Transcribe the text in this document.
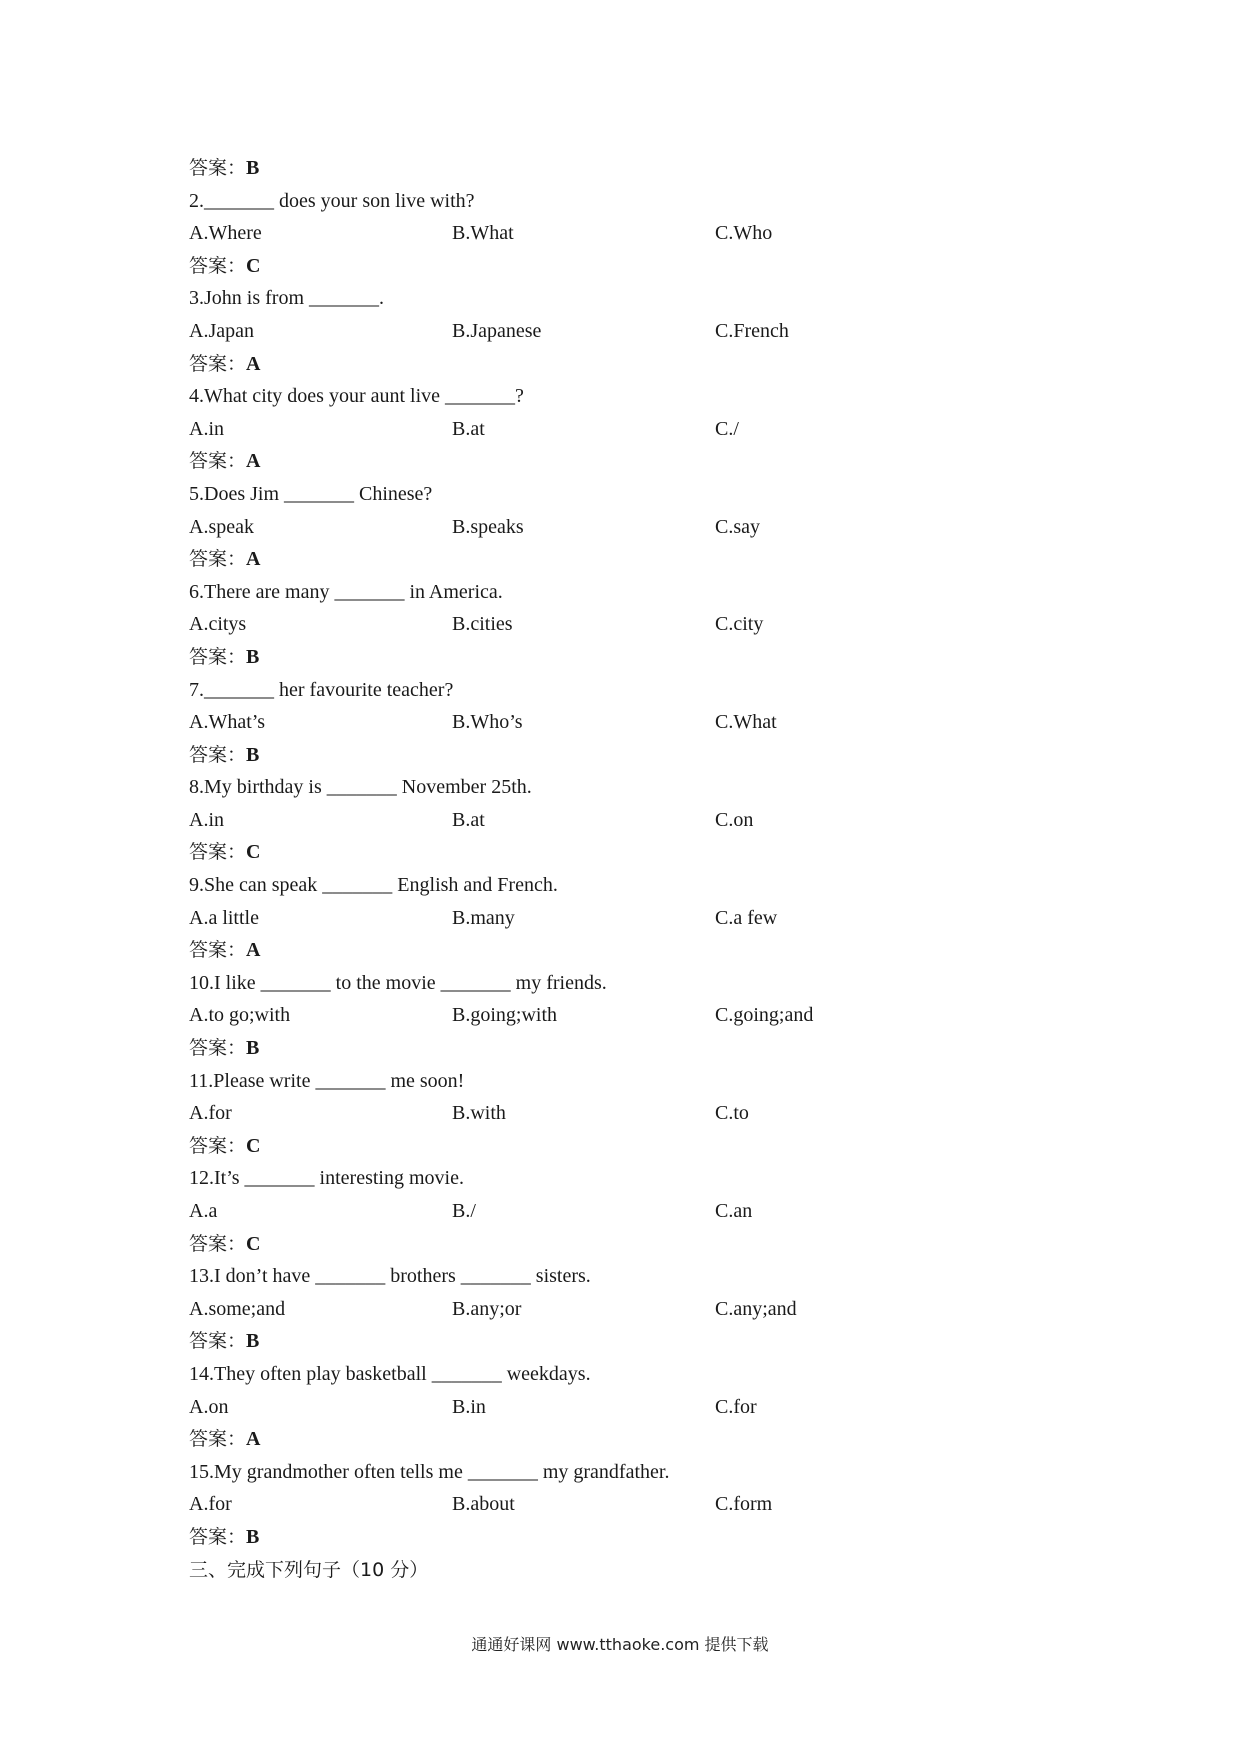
答案：B
2._______ does your son live with?
A.Where	B.What	C.Who
答案：C
3.John is from _______.
A.Japan	B.Japanese	C.French
答案：A
4.What city does your aunt live _______?
A.in	B.at	C./
答案：A
5.Does Jim _______ Chinese?
A.speak	B.speaks	C.say
答案：A
6.There are many _______ in America.
A.citys	B.cities	C.city
答案：B
7._______ her favourite teacher?
A.What’s	B.Who’s	C.What
答案：B
8.My birthday is _______ November 25th.
A.in	B.at	C.on
答案：C
9.She can speak _______ English and French.
A.a little	B.many	C.a few
答案：A
10.I like _______ to the movie _______ my friends.
A.to go;with	B.going;with	C.going;and
答案：B
11.Please write _______ me soon!
A.for	B.with	C.to
答案：C
12.It’s _______ interesting movie.
A.a	B./	C.an
答案：C
13.I don’t have _______ brothers _______ sisters.
A.some;and	B.any;or	C.any;and
答案：B
14.They often play basketball _______ weekdays.
A.on	B.in	C.for
答案：A
15.My grandmother often tells me _______ my grandfather.
A.for	B.about	C.form
答案：B
三、完成下列句子（10 分）
通通好课网 www.tthaoke.com 提供下载
